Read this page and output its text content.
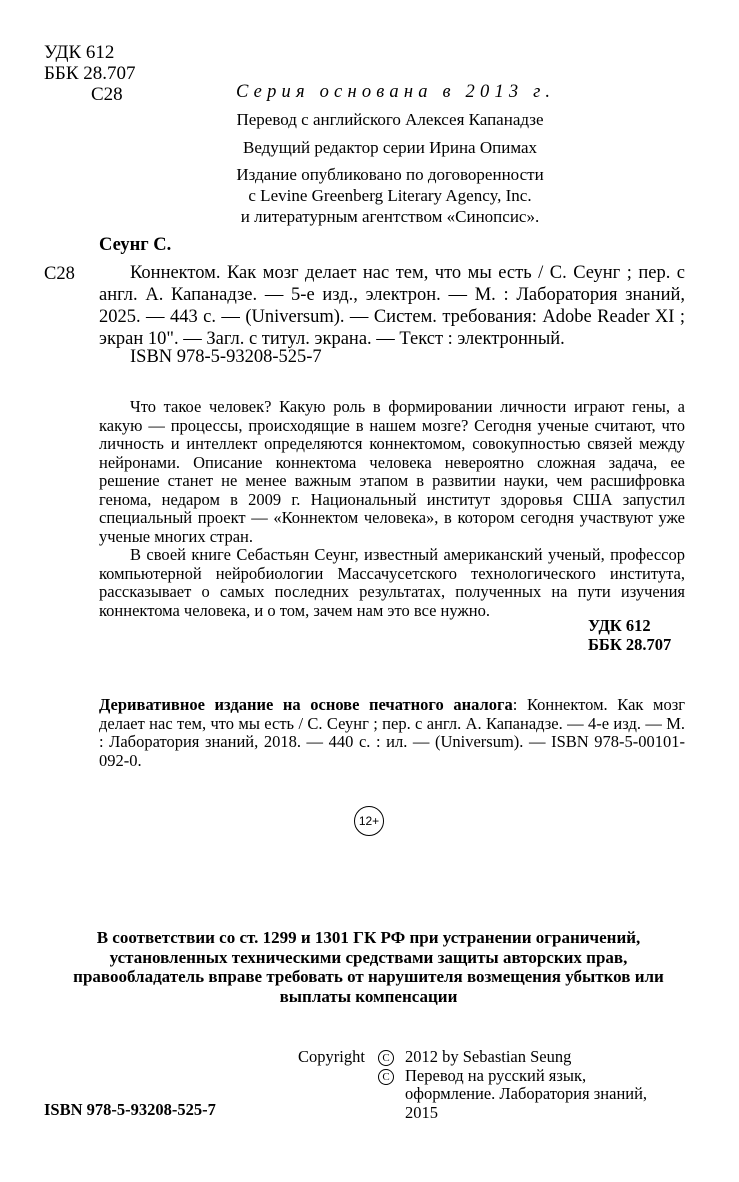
УДК 612
ББК 28.707
С28	Серия основана в 2013 г.
Перевод с английского Алексея Капанадзе
Ведущий редактор серии Ирина Опимах
Издание опубликовано по договоренности
с Levine Greenberg Literary Agency, Inc.
и литературным агентством «Синопсис».
Сеунг С.
С28	Коннектом. Как мозг делает нас тем, что мы есть / С. Сеунг ; пер. с англ. А. Капанадзе. — 5-е изд., электрон. — М. : Лаборатория знаний, 2025. — 443 с. — (Universum). — Систем. требования: Adobe Reader XI ; экран 10". — Загл. с титул. экрана. — Текст : электронный.
ISBN 978-5-93208-525-7

Что такое человек? Какую роль в формировании личности играют гены, а какую — процессы, происходящие в нашем мозге? Сегодня ученые считают, что личность и интеллект определяются коннектомом, совокупностью связей между нейронами. Описание коннектома человека невероятно сложная задача, ее решение станет не менее важным этапом в развитии науки, чем расшифровка генома, недаром в 2009 г. Национальный институт здоровья США запустил специальный проект — «Коннектом человека», в котором сегодня участвуют уже ученые многих стран.

В своей книге Себастьян Сеунг, известный американский ученый, профессор компьютерной нейробиологии Массачусетского технологического института, рассказывает о самых последних результатах, полученных на пути изучения коннектома человека, и о том, зачем нам это все нужно.

УДК 612
ББК 28.707
Деривативное издание на основе печатного аналога: Коннектом. Как мозг делает нас тем, что мы есть / С. Сеунг ; пер. с англ. А. Капанадзе. — 4-е изд. — М. : Лаборатория знаний, 2018. — 440 с. : ил. — (Universum). — ISBN 978-5-00101-092-0.
12+
В соответствии со ст. 1299 и 1301 ГК РФ при устранении ограничений, установленных техническими средствами защиты авторских прав, правообладатель вправе требовать от нарушителя возмещения убытков или выплаты компенсации
Copyright	C 2012 by Sebastian Seung
C Перевод на русский язык, оформление. Лаборатория знаний, 2015
ISBN 978-5-93208-525-7
